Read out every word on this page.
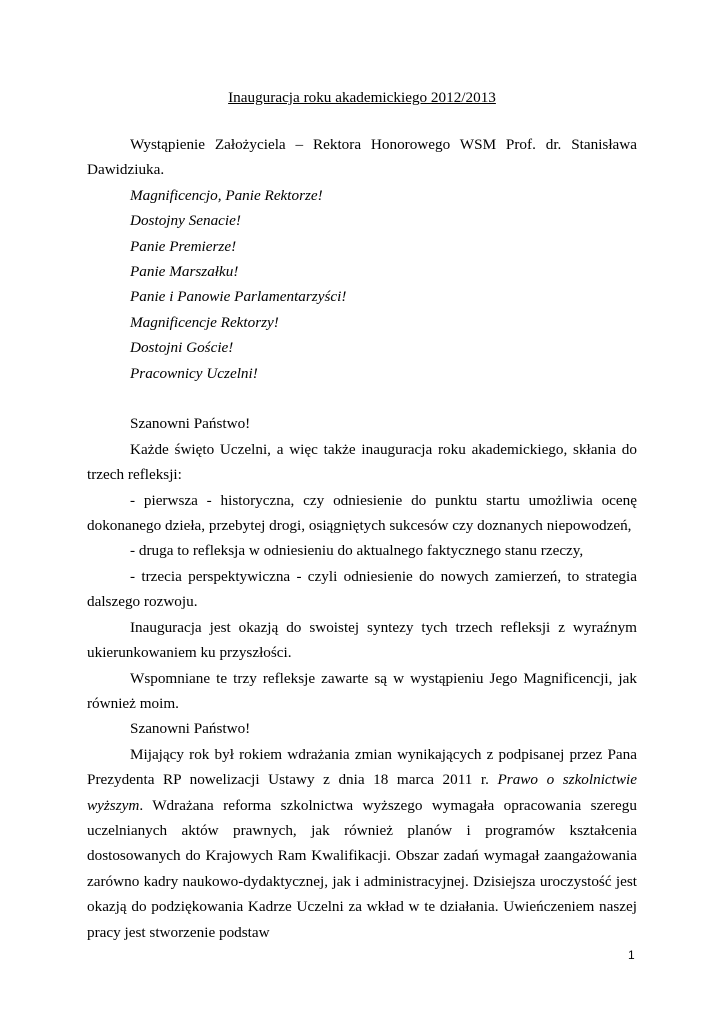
Inauguracja roku akademickiego 2012/2013

Wystąpienie Założyciela – Rektora Honorowego WSM Prof. dr. Stanisława Dawidziuka.

Magnificencjo, Panie Rektorze!
Dostojny Senacie!
Panie Premierze!
Panie Marszałku!
Panie i Panowie Parlamentarzyści!
Magnificencje Rektorzy!
Dostojni Goście!
Pracownicy Uczelni!

Szanowni Państwo!

Każde święto Uczelni, a więc także inauguracja roku akademickiego, skłania do trzech refleksji:

- pierwsza - historyczna, czy odniesienie do punktu startu umożliwia ocenę dokonanego dzieła, przebytej drogi, osiągniętych sukcesów czy doznanych niepowodzeń,

- druga to refleksja w odniesieniu do aktualnego faktycznego stanu rzeczy,

- trzecia perspektywiczna - czyli odniesienie do nowych zamierzeń, to strategia dalszego rozwoju.

Inauguracja jest okazją do swoistej syntezy tych trzech refleksji z wyraźnym ukierunkowaniem ku przyszłości.

Wspomniane te trzy refleksje zawarte są w wystąpieniu Jego Magnificencji, jak również moim.

Szanowni Państwo!

Mijający rok był rokiem wdrażania zmian wynikających z podpisanej przez Pana Prezydenta RP nowelizacji Ustawy z dnia 18 marca 2011 r. Prawo o szkolnictwie wyższym. Wdrażana reforma szkolnictwa wyższego wymagała opracowania szeregu uczelnianych aktów prawnych, jak również planów i programów kształcenia dostosowanych do Krajowych Ram Kwalifikacji. Obszar zadań wymagał zaangażowania zarówno kadry naukowo-dydaktycznej, jak i administracyjnej. Dzisiejsza uroczystość jest okazją do podziękowania Kadrze Uczelni za wkład w te działania. Uwieńczeniem naszej pracy jest stworzenie podstaw

1
